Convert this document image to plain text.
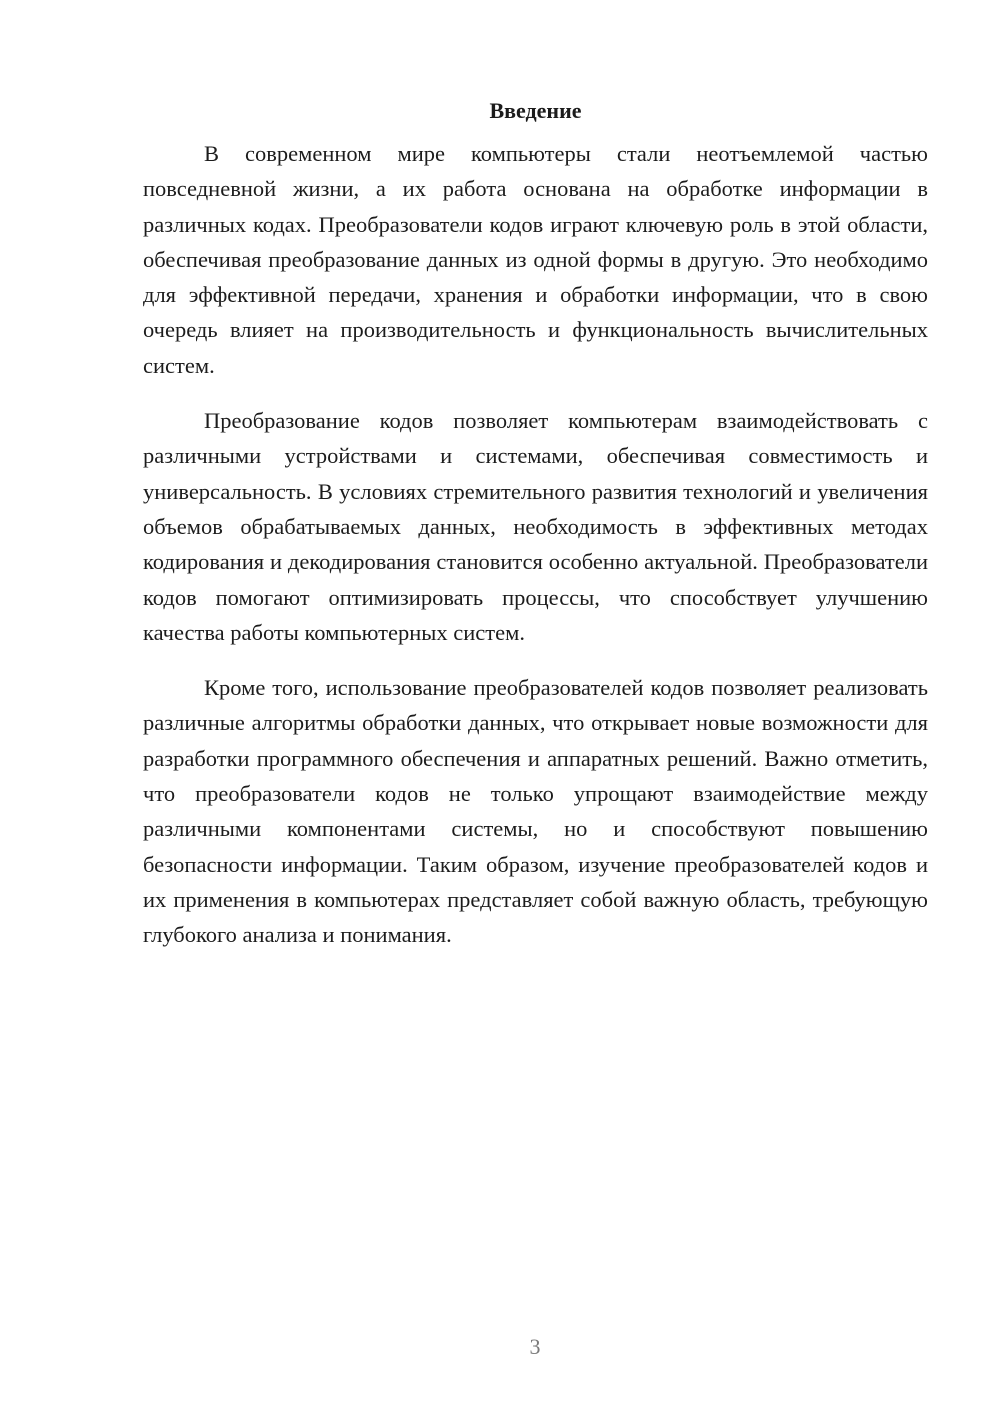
Введение

В современном мире компьютеры стали неотъемлемой частью повседневной жизни, а их работа основана на обработке информации в различных кодах. Преобразователи кодов играют ключевую роль в этой области, обеспечивая преобразование данных из одной формы в другую. Это необходимо для эффективной передачи, хранения и обработки информации, что в свою очередь влияет на производительность и функциональность вычислительных систем.

Преобразование кодов позволяет компьютерам взаимодействовать с различными устройствами и системами, обеспечивая совместимость и универсальность. В условиях стремительного развития технологий и увеличения объемов обрабатываемых данных, необходимость в эффективных методах кодирования и декодирования становится особенно актуальной. Преобразователи кодов помогают оптимизировать процессы, что способствует улучшению качества работы компьютерных систем.

Кроме того, использование преобразователей кодов позволяет реализовать различные алгоритмы обработки данных, что открывает новые возможности для разработки программного обеспечения и аппаратных решений. Важно отметить, что преобразователи кодов не только упрощают взаимодействие между различными компонентами системы, но и способствуют повышению безопасности информации. Таким образом, изучение преобразователей кодов и их применения в компьютерах представляет собой важную область, требующую глубокого анализа и понимания.

3
